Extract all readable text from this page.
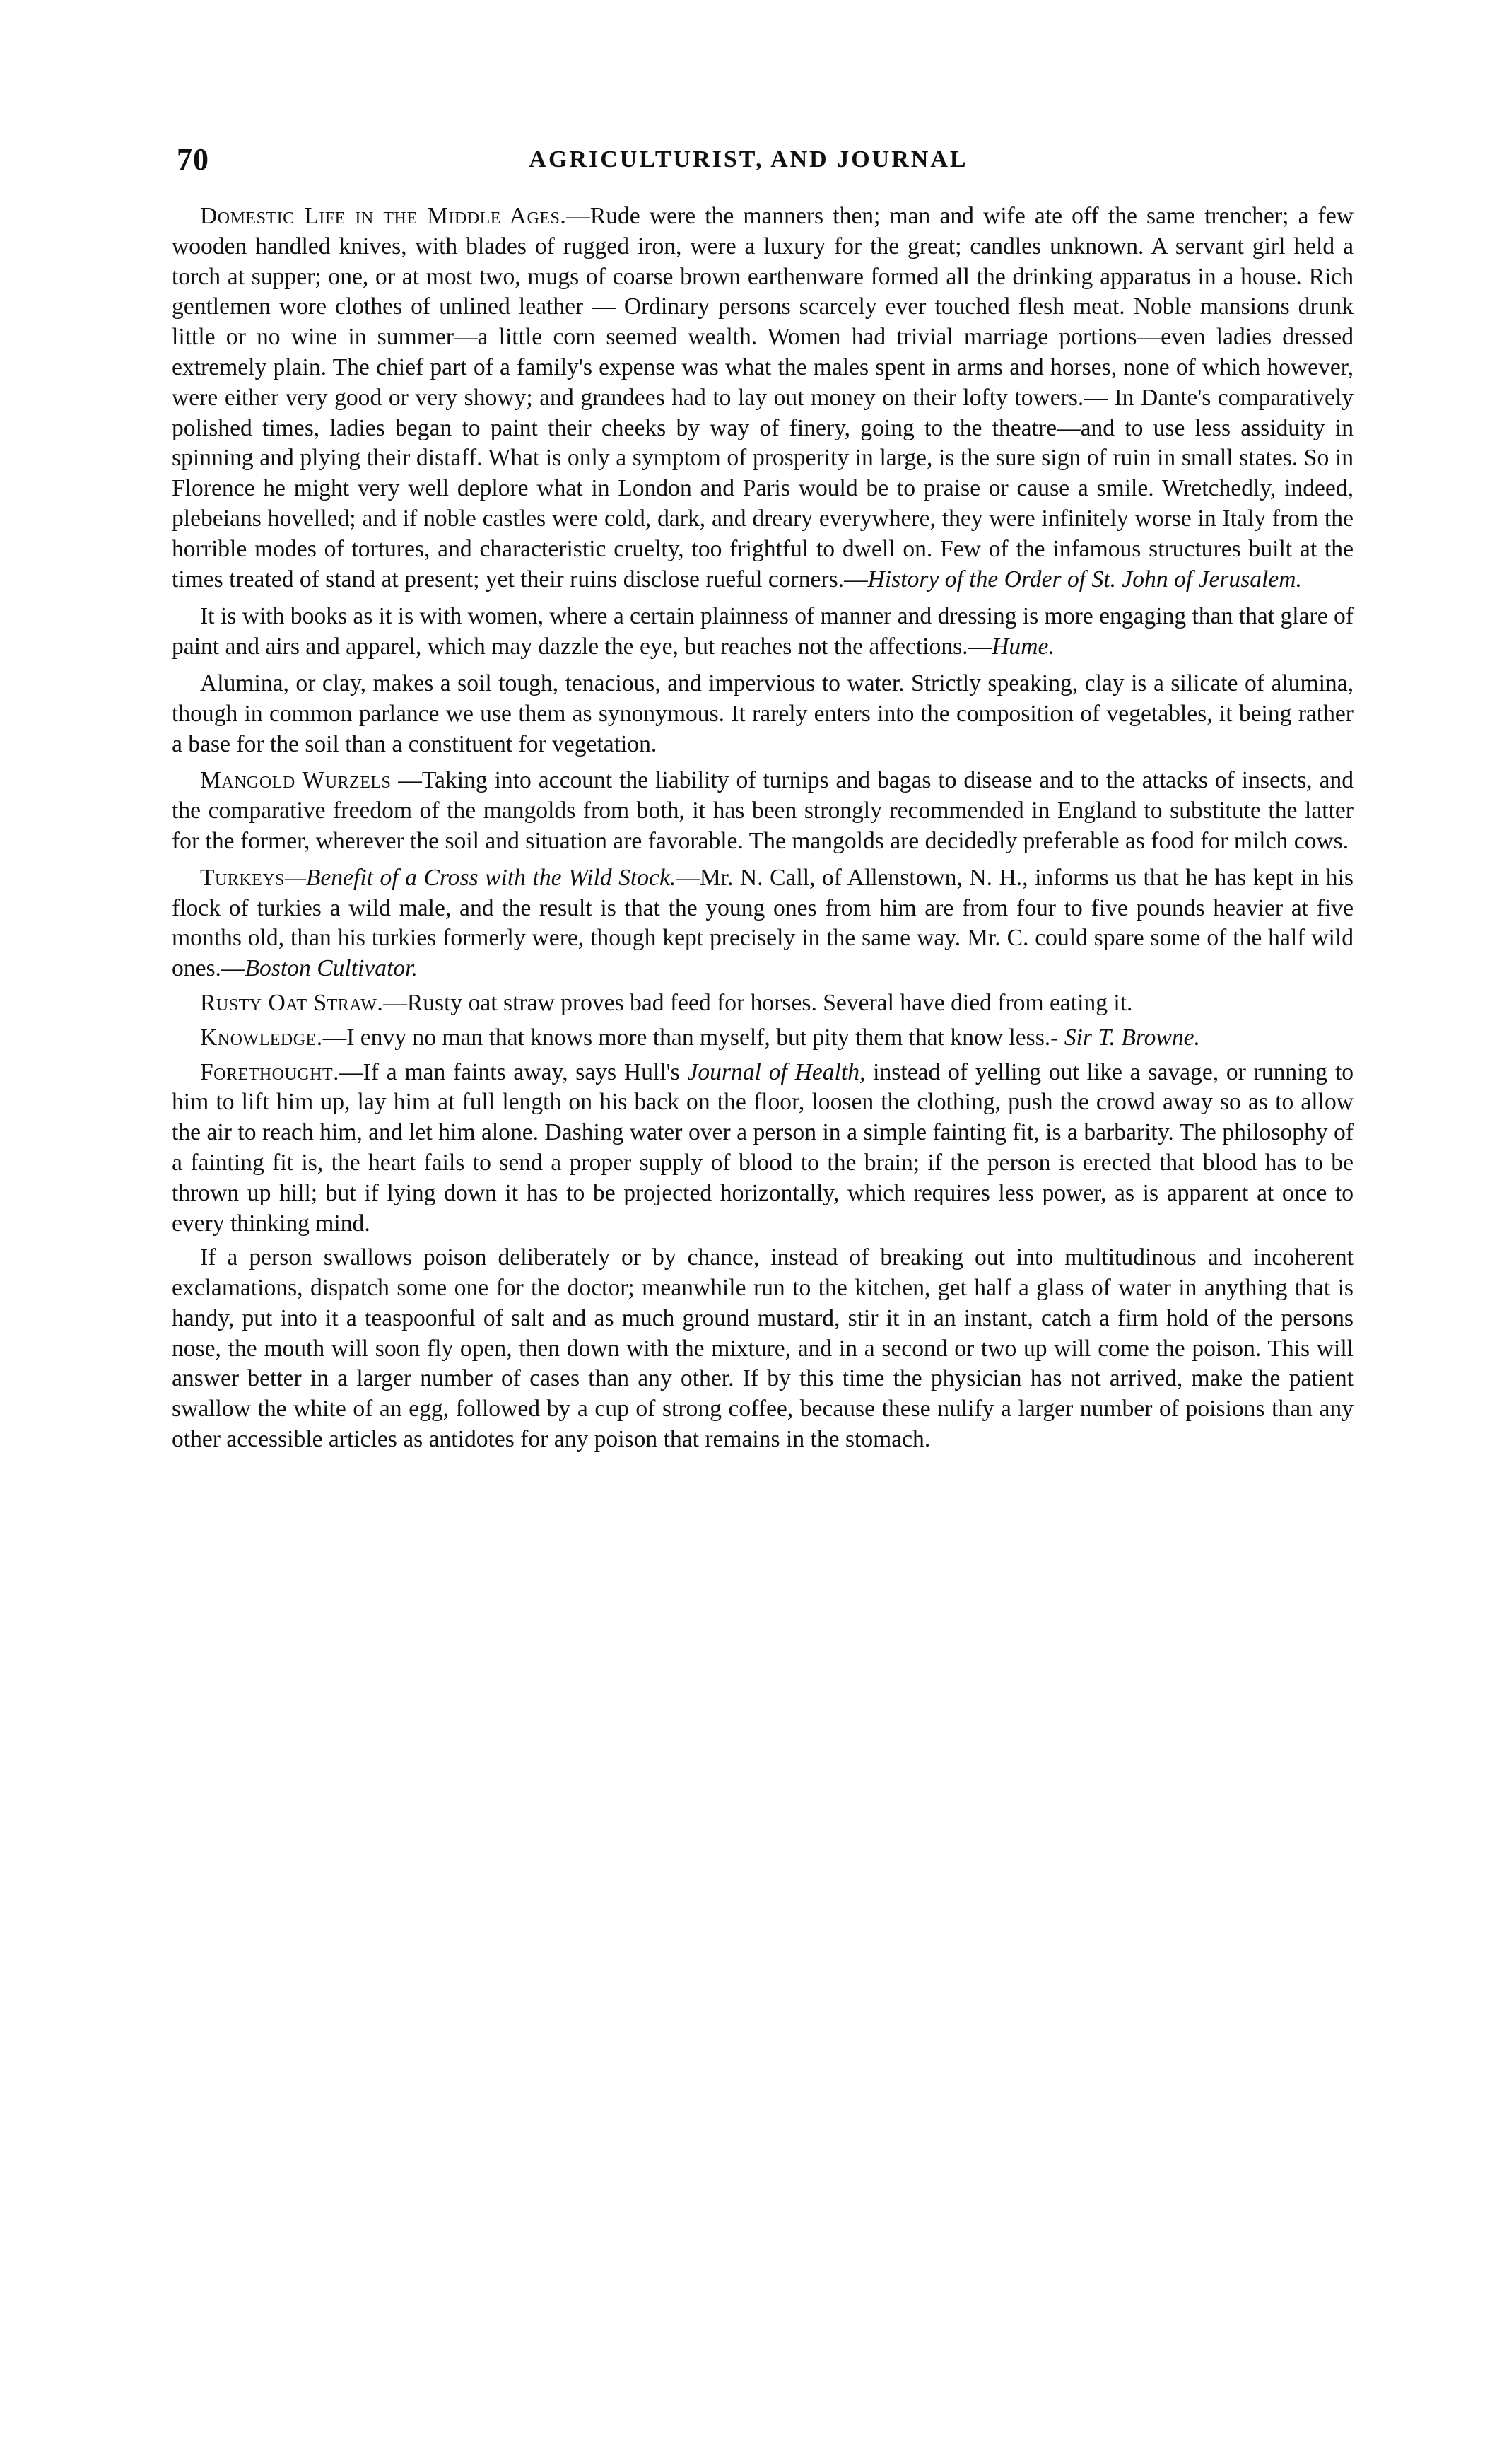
70	AGRICULTURIST, AND JOURNAL

Domestic Life in the Middle Ages.—Rude were the manners then; man and wife ate off the same trencher; a few wooden handled knives, with blades of rugged iron, were a luxury for the great; candles unknown. A servant girl held a torch at supper; one, or at most two, mugs of coarse brown earthenware formed all the drinking apparatus in a house. Rich gentlemen wore clothes of unlined leather — Ordinary persons scarcely ever touched flesh meat. Noble mansions drunk little or no wine in summer—a little corn seemed wealth. Women had trivial marriage portions—even ladies dressed extremely plain. The chief part of a family's expense was what the males spent in arms and horses, none of which however, were either very good or very showy; and grandees had to lay out money on their lofty towers.— In Dante's comparatively polished times, ladies began to paint their cheeks by way of finery, going to the theatre—and to use less assiduity in spinning and plying their distaff. What is only a symptom of prosperity in large, is the sure sign of ruin in small states. So in Florence he might very well deplore what in London and Paris would be to praise or cause a smile. Wretchedly, indeed, plebeians hovelled; and if noble castles were cold, dark, and dreary everywhere, they were infinitely worse in Italy from the horrible modes of tortures, and characteristic cruelty, too frightful to dwell on. Few of the infamous structures built at the times treated of stand at present; yet their ruins disclose rueful corners.—History of the Order of St. John of Jerusalem.

It is with books as it is with women, where a certain plainness of manner and dressing is more engaging than that glare of paint and airs and apparel, which may dazzle the eye, but reaches not the affections.—Hume.

Alumina, or clay, makes a soil tough, tenacious, and impervious to water. Strictly speaking, clay is a silicate of alumina, though in common parlance we use them as synonymous. It rarely enters into the composition of vegetables, it being rather a base for the soil than a constituent for vegetation.

Mangold Wurzels —Taking into account the liability of turnips and bagas to disease and to the attacks of insects, and the comparative freedom of the mangolds from both, it has been strongly recommended in England to substitute the latter for the former, wherever the soil and situation are favorable. The mangolds are decidedly preferable as food for milch cows.

Turkeys—Benefit of a Cross with the Wild Stock.—Mr. N. Call, of Allenstown, N. H., informs us that he has kept in his flock of turkies a wild male, and the result is that the young ones from him are from four to five pounds heavier at five months old, than his turkies formerly were, though kept precisely in the same way. Mr. C. could spare some of the half wild ones.—Boston Cultivator.

Rusty Oat Straw.—Rusty oat straw proves bad feed for horses. Several have died from eating it.

Knowledge.—I envy no man that knows more than myself, but pity them that know less.- Sir T. Browne.

Forethought.—If a man faints away, says Hull's Journal of Health, instead of yelling out like a savage, or running to him to lift him up, lay him at full length on his back on the floor, loosen the clothing, push the crowd away so as to allow the air to reach him, and let him alone. Dashing water over a person in a simple fainting fit, is a barbarity. The philosophy of a fainting fit is, the heart fails to send a proper supply of blood to the brain; if the person is erected that blood has to be thrown up hill; but if lying down it has to be projected horizontally, which requires less power, as is apparent at once to every thinking mind.

If a person swallows poison deliberately or by chance, instead of breaking out into multitudinous and incoherent exclamations, dispatch some one for the doctor; meanwhile run to the kitchen, get half a glass of water in anything that is handy, put into it a teaspoonful of salt and as much ground mustard, stir it in an instant, catch a firm hold of the persons nose, the mouth will soon fly open, then down with the mixture, and in a second or two up will come the poison. This will answer better in a larger number of cases than any other. If by this time the physician has not arrived, make the patient swallow the white of an egg, followed by a cup of strong coffee, because these nulify a larger number of poisions than any other accessible articles as antidotes for any poison that remains in the stomach.
